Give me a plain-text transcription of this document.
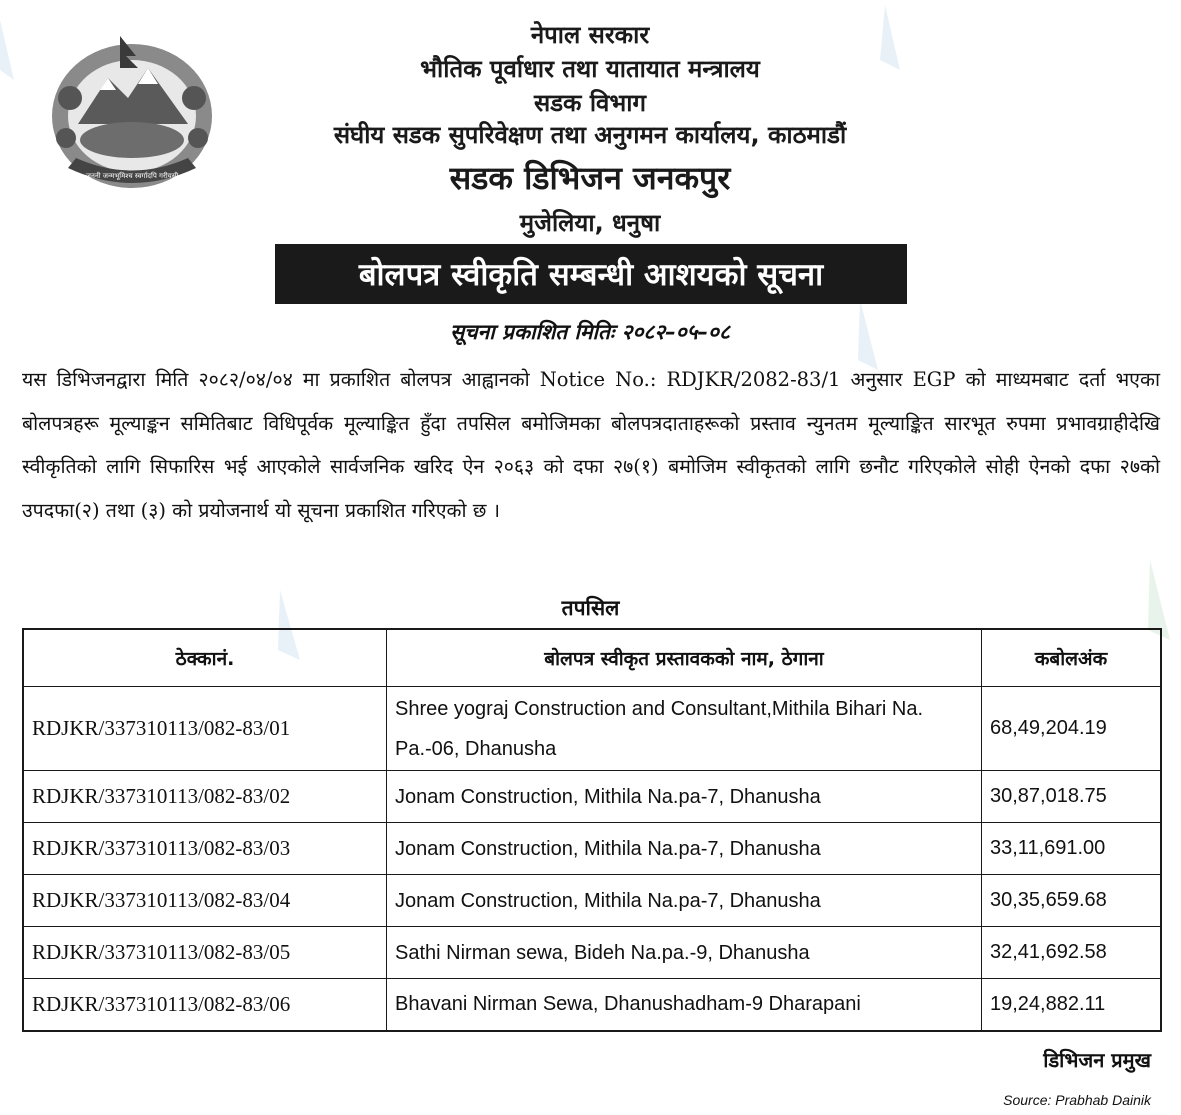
जननी जन्मभूमिश्च स्वर्गादपि गरीयसी
नेपाल सरकार
भौतिक पूर्वाधार तथा यातायात मन्त्रालय
सडक विभाग
संघीय सडक सुपरिवेक्षण तथा अनुगमन कार्यालय, काठमाडौं
सडक डिभिजन जनकपुर
मुजेलिया, धनुषा
बोलपत्र स्वीकृति सम्बन्धी आशयको सूचना
सूचना प्रकाशित मितिः २०८२–०५–०८

यस डिभिजनद्वारा मिति २०८२/०४/०४ मा प्रकाशित बोलपत्र आह्वानको Notice No.: RDJKR/2082-83/1 अनुसार EGP को माध्यमबाट दर्ता भएका बोलपत्रहरू मूल्याङ्कन समितिबाट विधिपूर्वक मूल्याङ्कित हुँदा तपसिल बमोजिमका बोलपत्रदाताहरूको प्रस्ताव न्युनतम मूल्याङ्कित सारभूत रुपमा प्रभावग्राहीदेखि स्वीकृतिको लागि सिफारिस भई आएकोले सार्वजनिक खरिद ऐन २०६३ को दफा २७(१) बमोजिम स्वीकृतको लागि छनौट गरिएकोले सोही ऐनको दफा २७को उपदफा(२) तथा (३) को प्रयोजनार्थ यो सूचना प्रकाशित गरिएको छ ।

तपसिल
ठेक्कानं.	बोलपत्र स्वीकृत प्रस्तावकको नाम, ठेगाना	कबोलअंक
RDJKR/337310113/082-83/01	Shree yograj Construction and Consultant,Mithila Bihari Na. Pa.-06, Dhanusha	68,49,204.19
RDJKR/337310113/082-83/02	Jonam Construction, Mithila Na.pa-7, Dhanusha	30,87,018.75
RDJKR/337310113/082-83/03	Jonam Construction, Mithila Na.pa-7, Dhanusha	33,11,691.00
RDJKR/337310113/082-83/04	Jonam Construction, Mithila Na.pa-7, Dhanusha	30,35,659.68
RDJKR/337310113/082-83/05	Sathi Nirman sewa, Bideh Na.pa.-9, Dhanusha	32,41,692.58
RDJKR/337310113/082-83/06	Bhavani Nirman Sewa, Dhanushadham-9 Dharapani	19,24,882.11
डिभिजन प्रमुख
Source: Prabhab Dainik
